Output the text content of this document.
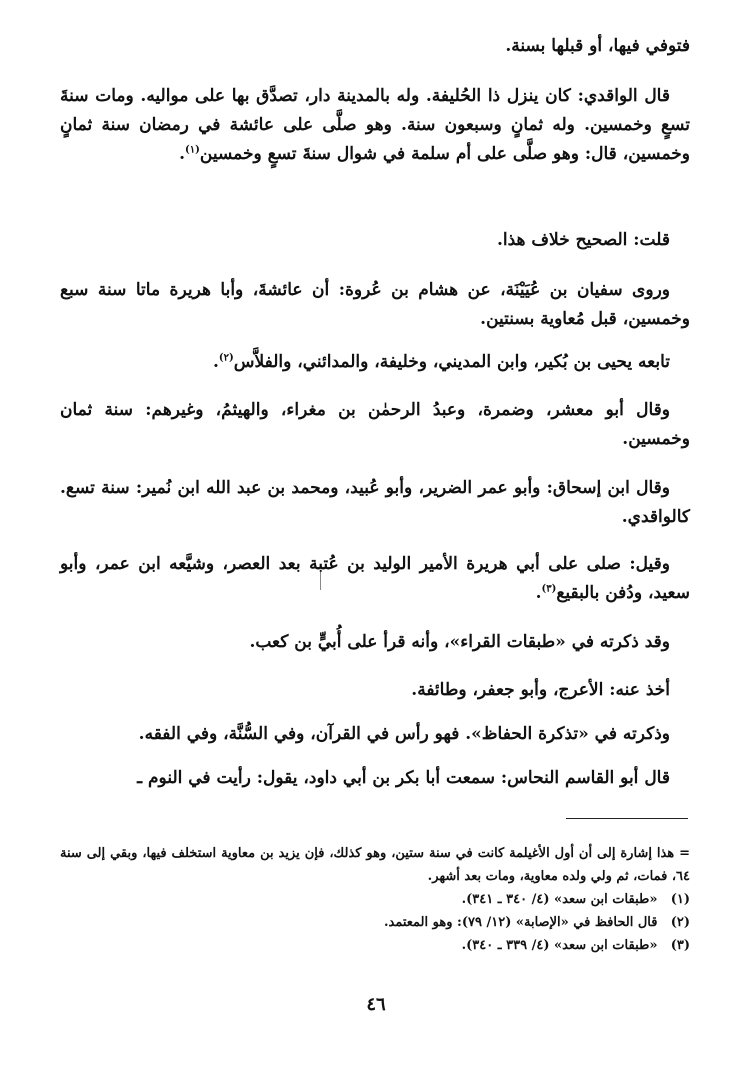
فتوفي فيها، أو قبلها بسنة.
قال الواقدي: كان ينزل ذا الحُليفة. وله بالمدينة دار، تصدَّق بها على مواليه. ومات سنةَ تسعٍ وخمسين. وله ثمانٍ وسبعون سنة. وهو صلَّى على عائشة في رمضان سنة ثمانٍ وخمسين، قال: وهو صلَّى على أم سلمة في شوال سنةَ تسعٍ وخمسين$^{(١)}$.
قلت: الصحيح خلاف هذا.
وروى سفيان بن عُيَيْنَة، عن هشام بن عُروة: أن عائشةَ، وأبا هريرة ماتا سنة سبع وخمسين، قبل مُعاوية بسنتين.
تابعه يحيى بن بُكير، وابن المديني، وخليفة، والمدائني، والفلاَّس$^{(٢)}$.
وقال أبو معشر، وضمرة، وعبدُ الرحمٰن بن مغراء، والهيثمُ، وغيرهم: سنة ثمان وخمسين.
وقال ابن إسحاق: وأبو عمر الضرير، وأبو عُبيد، ومحمد بن عبد الله ابن نُمير: سنة تسع. كالواقدي.
وقيل: صلى على أبي هريرة الأمير الوليد بن عُتبة بعد العصر، وشيَّعه ابن عمر، وأبو سعيد، ودُفن بالبقيع$^{(٣)}$.
وقد ذكرته في «طبقات القراء»، وأنه قرأ على أُبيٍّ بن كعب.
أخذ عنه: الأعرج، وأبو جعفر، وطائفة.
وذكرته في «تذكرة الحفاظ». فهو رأس في القرآن، وفي السُّنَّة، وفي الفقه.
قال أبو القاسم النحاس: سمعت أبا بكر بن أبي داود، يقول: رأيت في النوم ـ
= هذا إشارة إلى أن أول الأغيلمة كانت في سنة ستين، وهو كذلك، فإن يزيد بن معاوية استخلف فيها، وبقي إلى سنة ٦٤، فمات، ثم ولي ولده معاوية، ومات بعد أشهر.
(١) «طبقات ابن سعد» (٤/ ٣٤٠ ـ ٣٤١).
(٢) قال الحافظ في «الإصابة» (١٢/ ٧٩): وهو المعتمد.
(٣) «طبقات ابن سعد» (٤/ ٣٣٩ ـ ٣٤٠).
٤٦
